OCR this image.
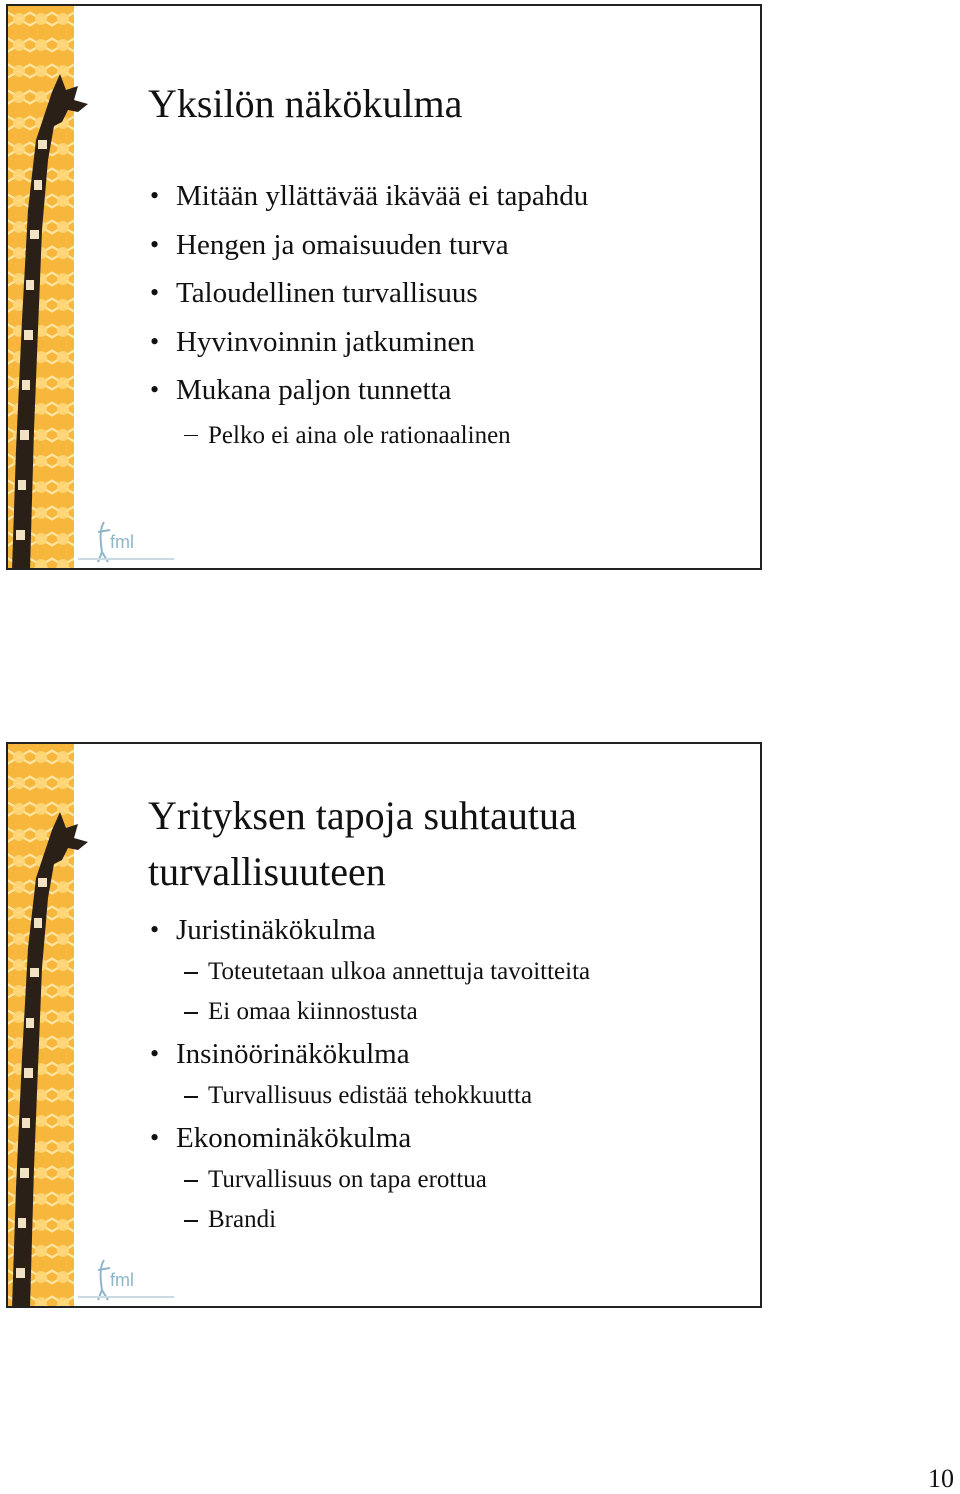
fml
Yksilön näkökulma
• Mitään yllättävää ikävää ei tapahdu
• Hengen ja omaisuuden turva
• Taloudellinen turvallisuus
• Hyvinvoinnin jatkuminen
• Mukana paljon tunnetta
Pelko ei aina ole rationaalinen
fml
Yrityksen tapoja suhtautua turvallisuuteen
• Juristinäkökulma
Toteutetaan ulkoa annettuja tavoitteita
Ei omaa kiinnostusta
• Insinöörinäkökulma
Turvallisuus edistää tehokkuutta
• Ekonominäkökulma
Turvallisuus on tapa erottua
Brandi
10
